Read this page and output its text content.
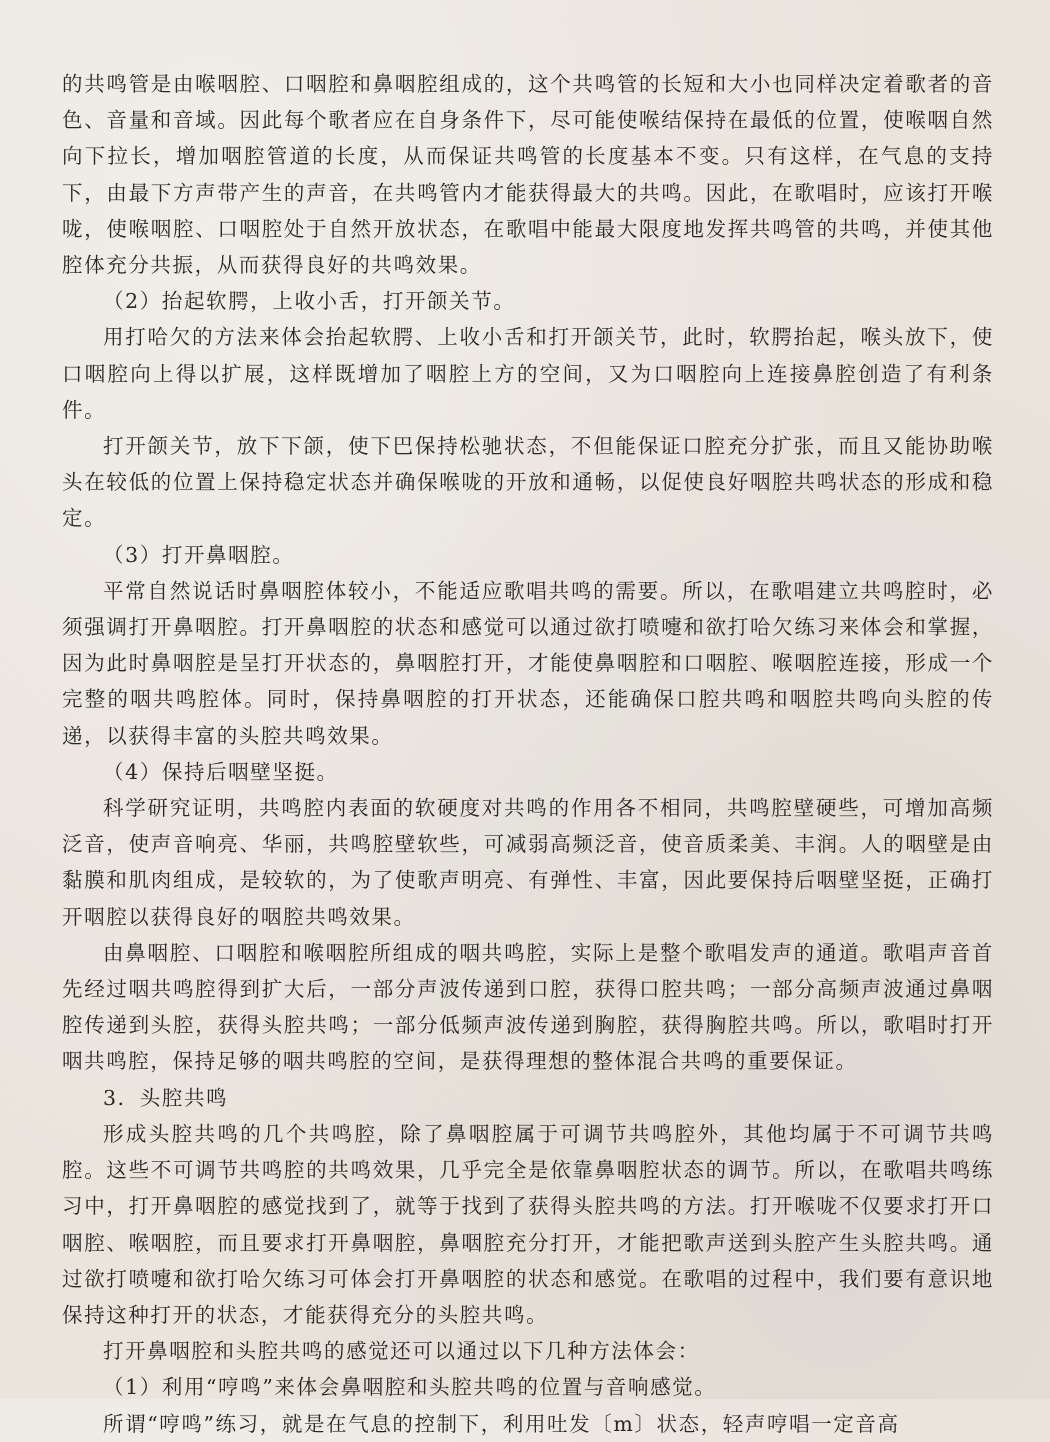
的共鸣管是由喉咽腔、口咽腔和鼻咽腔组成的，这个共鸣管的长短和大小也同样决定着歌者的音色、音量和音域。因此每个歌者应在自身条件下，尽可能使喉结保持在最低的位置，使喉咽自然向下拉长，增加咽腔管道的长度，从而保证共鸣管的长度基本不变。只有这样，在气息的支持下，由最下方声带产生的声音，在共鸣管内才能获得最大的共鸣。因此，在歌唱时，应该打开喉咙，使喉咽腔、口咽腔处于自然开放状态，在歌唱中能最大限度地发挥共鸣管的共鸣，并使其他腔体充分共振，从而获得良好的共鸣效果。

（2）抬起软腭，上收小舌，打开颌关节。

用打哈欠的方法来体会抬起软腭、上收小舌和打开颌关节，此时，软腭抬起，喉头放下，使口咽腔向上得以扩展，这样既增加了咽腔上方的空间，又为口咽腔向上连接鼻腔创造了有利条件。

打开颌关节，放下下颌，使下巴保持松驰状态，不但能保证口腔充分扩张，而且又能协助喉头在较低的位置上保持稳定状态并确保喉咙的开放和通畅，以促使良好咽腔共鸣状态的形成和稳定。

（3）打开鼻咽腔。

平常自然说话时鼻咽腔体较小，不能适应歌唱共鸣的需要。所以，在歌唱建立共鸣腔时，必须强调打开鼻咽腔。打开鼻咽腔的状态和感觉可以通过欲打喷嚏和欲打哈欠练习来体会和掌握，因为此时鼻咽腔是呈打开状态的，鼻咽腔打开，才能使鼻咽腔和口咽腔、喉咽腔连接，形成一个完整的咽共鸣腔体。同时，保持鼻咽腔的打开状态，还能确保口腔共鸣和咽腔共鸣向头腔的传递，以获得丰富的头腔共鸣效果。

（4）保持后咽壁坚挺。

科学研究证明，共鸣腔内表面的软硬度对共鸣的作用各不相同，共鸣腔壁硬些，可增加高频泛音，使声音响亮、华丽，共鸣腔壁软些，可减弱高频泛音，使音质柔美、丰润。人的咽壁是由黏膜和肌肉组成，是较软的，为了使歌声明亮、有弹性、丰富，因此要保持后咽壁坚挺，正确打开咽腔以获得良好的咽腔共鸣效果。

由鼻咽腔、口咽腔和喉咽腔所组成的咽共鸣腔，实际上是整个歌唱发声的通道。歌唱声音首先经过咽共鸣腔得到扩大后，一部分声波传递到口腔，获得口腔共鸣；一部分高频声波通过鼻咽腔传递到头腔，获得头腔共鸣；一部分低频声波传递到胸腔，获得胸腔共鸣。所以，歌唱时打开咽共鸣腔，保持足够的咽共鸣腔的空间，是获得理想的整体混合共鸣的重要保证。

3．头腔共鸣

形成头腔共鸣的几个共鸣腔，除了鼻咽腔属于可调节共鸣腔外，其他均属于不可调节共鸣腔。这些不可调节共鸣腔的共鸣效果，几乎完全是依靠鼻咽腔状态的调节。所以，在歌唱共鸣练习中，打开鼻咽腔的感觉找到了，就等于找到了获得头腔共鸣的方法。打开喉咙不仅要求打开口咽腔、喉咽腔，而且要求打开鼻咽腔，鼻咽腔充分打开，才能把歌声送到头腔产生头腔共鸣。通过欲打喷嚏和欲打哈欠练习可体会打开鼻咽腔的状态和感觉。在歌唱的过程中，我们要有意识地保持这种打开的状态，才能获得充分的头腔共鸣。

打开鼻咽腔和头腔共鸣的感觉还可以通过以下几种方法体会：

（1）利用“哼鸣”来体会鼻咽腔和头腔共鸣的位置与音响感觉。

所谓“哼鸣”练习，就是在气息的控制下，利用吐发〔m〕状态，轻声哼唱一定音高
